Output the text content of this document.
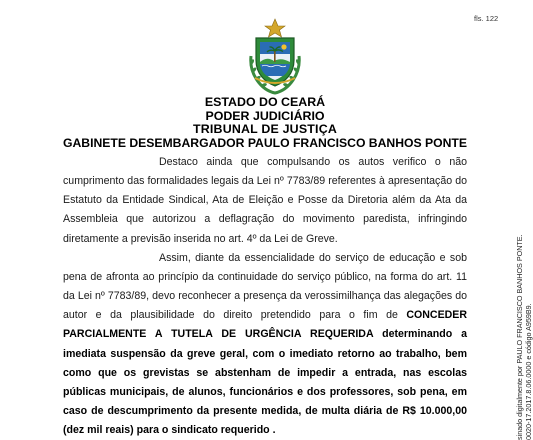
fls. 122
ESTADO DO CEARÁ
PODER JUDICIÁRIO
TRIBUNAL DE JUSTIÇA
GABINETE DESEMBARGADOR PAULO FRANCISCO BANHOS PONTE

Destaco ainda que compulsando os autos verifico o não cumprimento das formalidades legais da Lei nº 7783/89 referentes à apresentação do Estatuto da Entidade Sindical, Ata de Eleição e Posse da Diretoria além da Ata da Assembleia que autorizou a deflagração do movimento paredista, infringindo diretamente a previsão inserida no art. 4º da Lei de Greve.

Assim, diante da essencialidade do serviço de educação e sob pena de afronta ao princípio da continuidade do serviço público, na forma do art. 11 da Lei nº 7783/89, devo reconhecer a presença da verossimilhança das alegações do autor e da plausibilidade do direito pretendido para o fim de CONCEDER PARCIALMENTE A TUTELA DE URGÊNCIA REQUERIDA determinando a imediata suspensão da greve geral, com o imediato retorno ao trabalho, bem como que os grevistas se abstenham de impedir a entrada, nas escolas públicas municipais, de alunos, funcionários e dos professores, sob pena, em caso de descumprimento da presente medida, de multa diária de R$ 10.000,00 (dez mil reais) para o sindicato requerido .	sinado digitalmente por PAULO FRANCISCO BANHOS PONTE. 0020-17.2017.8.06.0000 e código A959B9.
